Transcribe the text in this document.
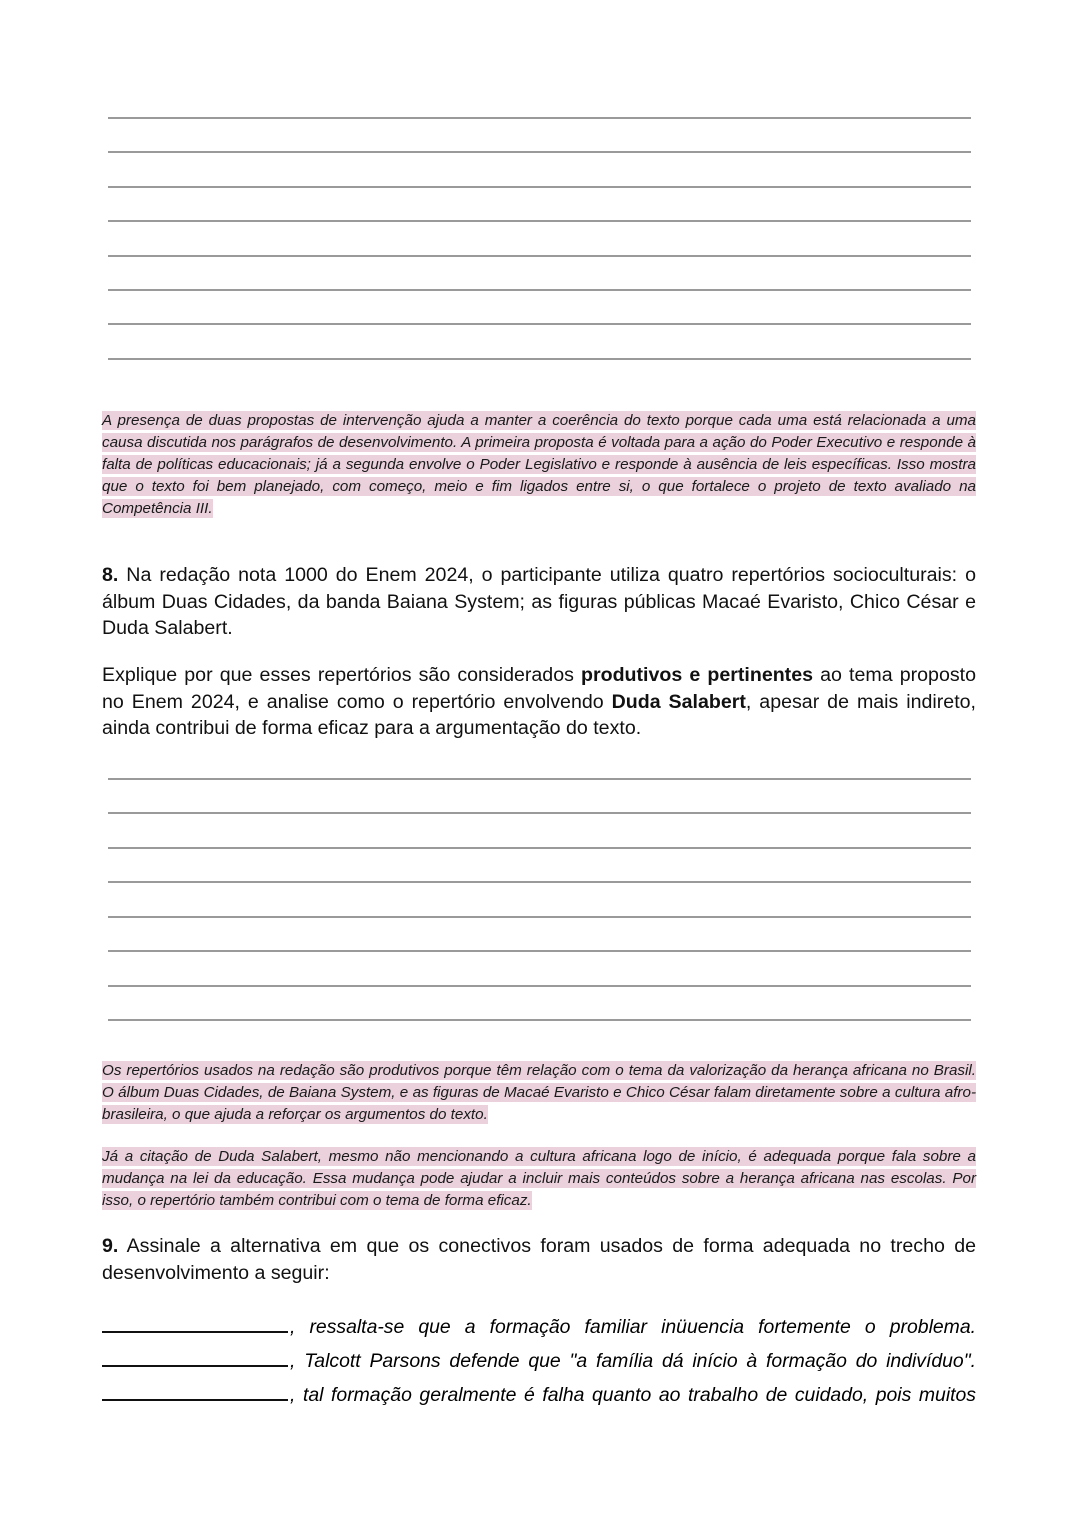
A presença de duas propostas de intervenção ajuda a manter a coerência do texto porque cada uma está relacionada a uma causa discutida nos parágrafos de desenvolvimento. A primeira proposta é voltada para a ação do Poder Executivo e responde à falta de políticas educacionais; já a segunda envolve o Poder Legislativo e responde à ausência de leis específicas. Isso mostra que o texto foi bem planejado, com começo, meio e fim ligados entre si, o que fortalece o projeto de texto avaliado na Competência III.

8. Na redação nota 1000 do Enem 2024, o participante utiliza quatro repertórios socioculturais: o álbum Duas Cidades, da banda Baiana System; as figuras públicas Macaé Evaristo, Chico César e Duda Salabert.

Explique por que esses repertórios são considerados produtivos e pertinentes ao tema proposto no Enem 2024, e analise como o repertório envolvendo Duda Salabert, apesar de mais indireto, ainda contribui de forma eficaz para a argumentação do texto.

Os repertórios usados na redação são produtivos porque têm relação com o tema da valorização da herança africana no Brasil. O álbum Duas Cidades, de Baiana System, e as figuras de Macaé Evaristo e Chico César falam diretamente sobre a cultura afro-brasileira, o que ajuda a reforçar os argumentos do texto.

Já a citação de Duda Salabert, mesmo não mencionando a cultura africana logo de início, é adequada porque fala sobre a mudança na lei da educação. Essa mudança pode ajudar a incluir mais conteúdos sobre a herança africana nas escolas. Por isso, o repertório também contribui com o tema de forma eficaz.

9. Assinale a alternativa em que os conectivos foram usados de forma adequada no trecho de desenvolvimento a seguir:

, ressalta-se que a formação familiar inüuencia fortemente o problema.
, Talcott Parsons defende que "a família dá início à formação do indivíduo".
, tal formação geralmente é falha quanto ao trabalho de cuidado, pois muitos
